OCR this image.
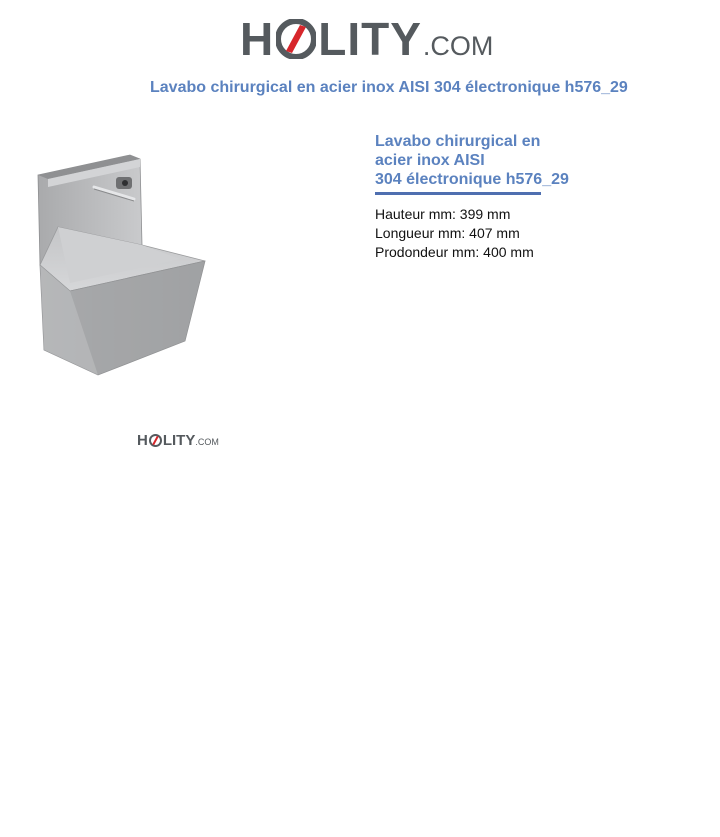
H LITY .COM
Lavabo chirurgical en acier inox AISI 304 électronique h576_29
H LITY .COM
Lavabo chirurgical en
acier inox AISI
304 électronique h576_29
Hauteur mm: 399 mm
Longueur mm: 407 mm
Prodondeur mm: 400 mm
